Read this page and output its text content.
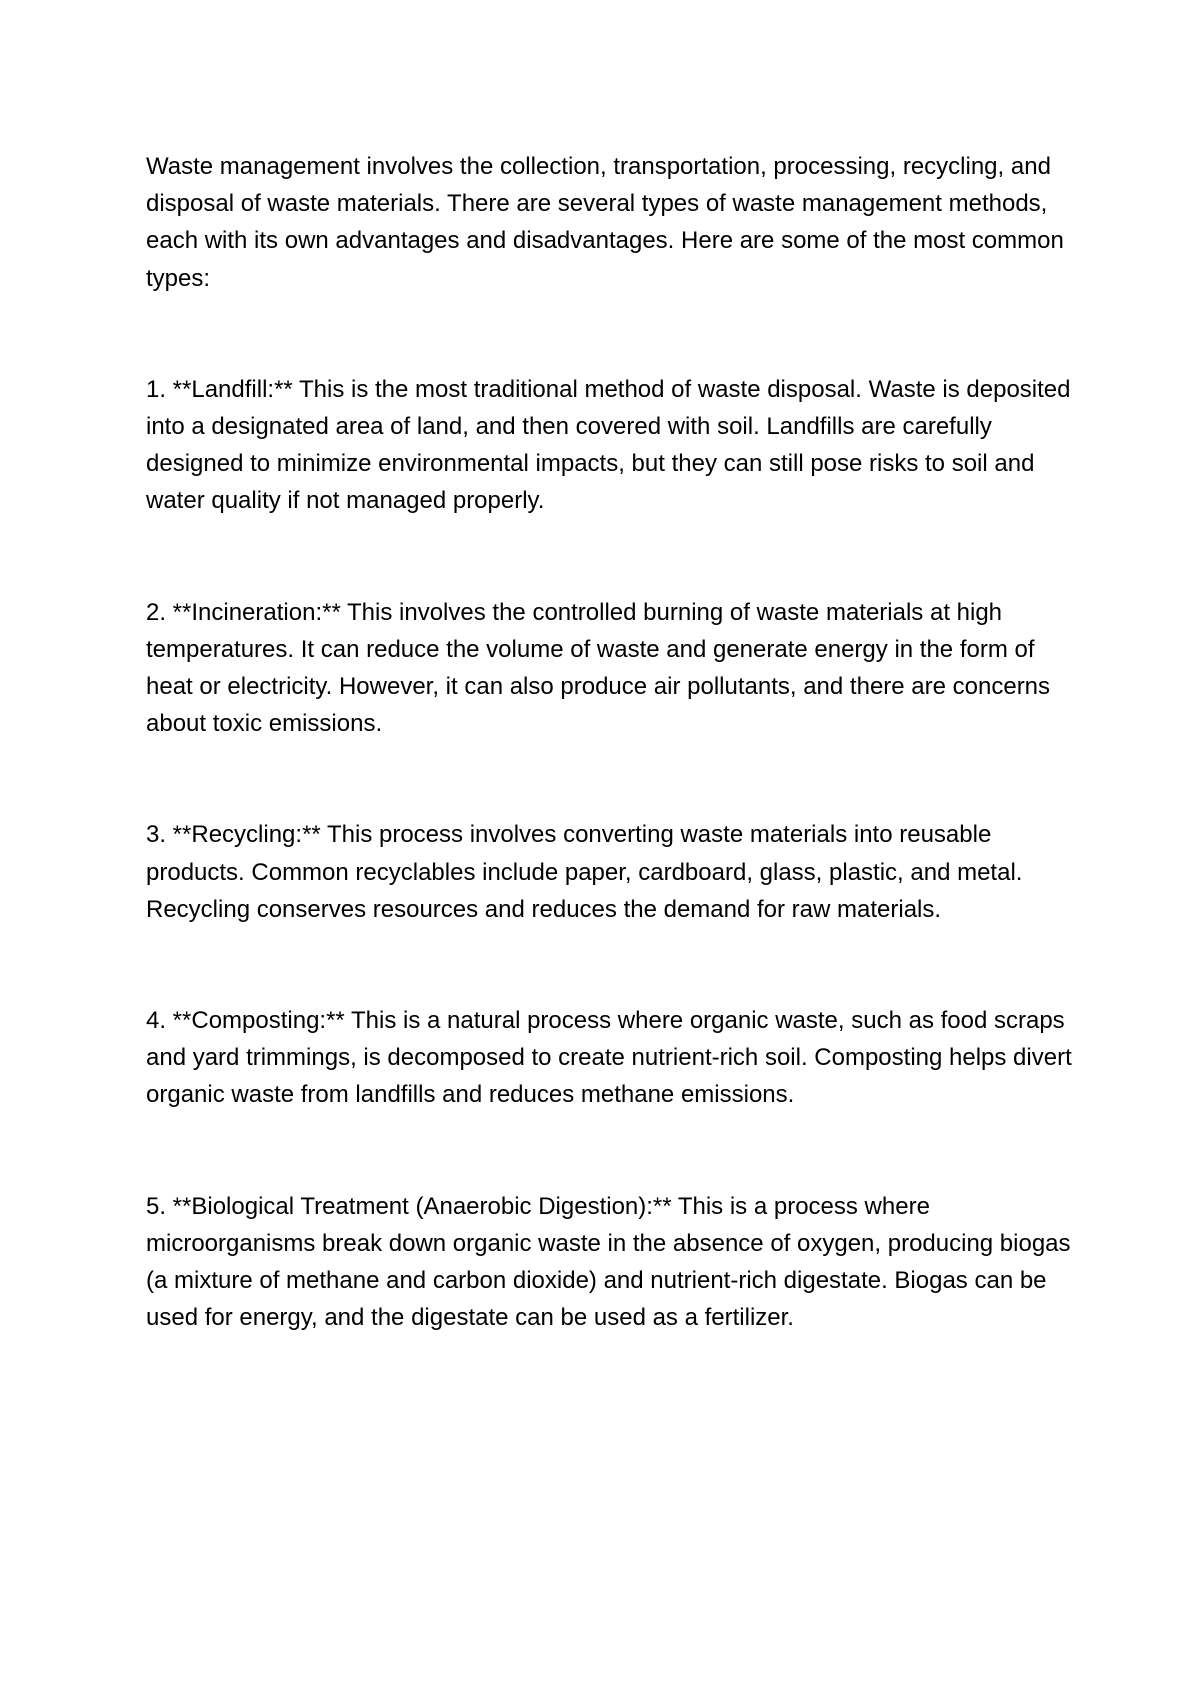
Waste management involves the collection, transportation, processing, recycling, and disposal of waste materials. There are several types of waste management methods, each with its own advantages and disadvantages. Here are some of the most common types:

1. **Landfill:** This is the most traditional method of waste disposal. Waste is deposited into a designated area of land, and then covered with soil. Landfills are carefully designed to minimize environmental impacts, but they can still pose risks to soil and water quality if not managed properly.

2. **Incineration:** This involves the controlled burning of waste materials at high temperatures. It can reduce the volume of waste and generate energy in the form of heat or electricity. However, it can also produce air pollutants, and there are concerns about toxic emissions.

3. **Recycling:** This process involves converting waste materials into reusable products. Common recyclables include paper, cardboard, glass, plastic, and metal. Recycling conserves resources and reduces the demand for raw materials.

4. **Composting:** This is a natural process where organic waste, such as food scraps and yard trimmings, is decomposed to create nutrient-rich soil. Composting helps divert organic waste from landfills and reduces methane emissions.

5. **Biological Treatment (Anaerobic Digestion):** This is a process where microorganisms break down organic waste in the absence of oxygen, producing biogas (a mixture of methane and carbon dioxide) and nutrient-rich digestate. Biogas can be used for energy, and the digestate can be used as a fertilizer.
